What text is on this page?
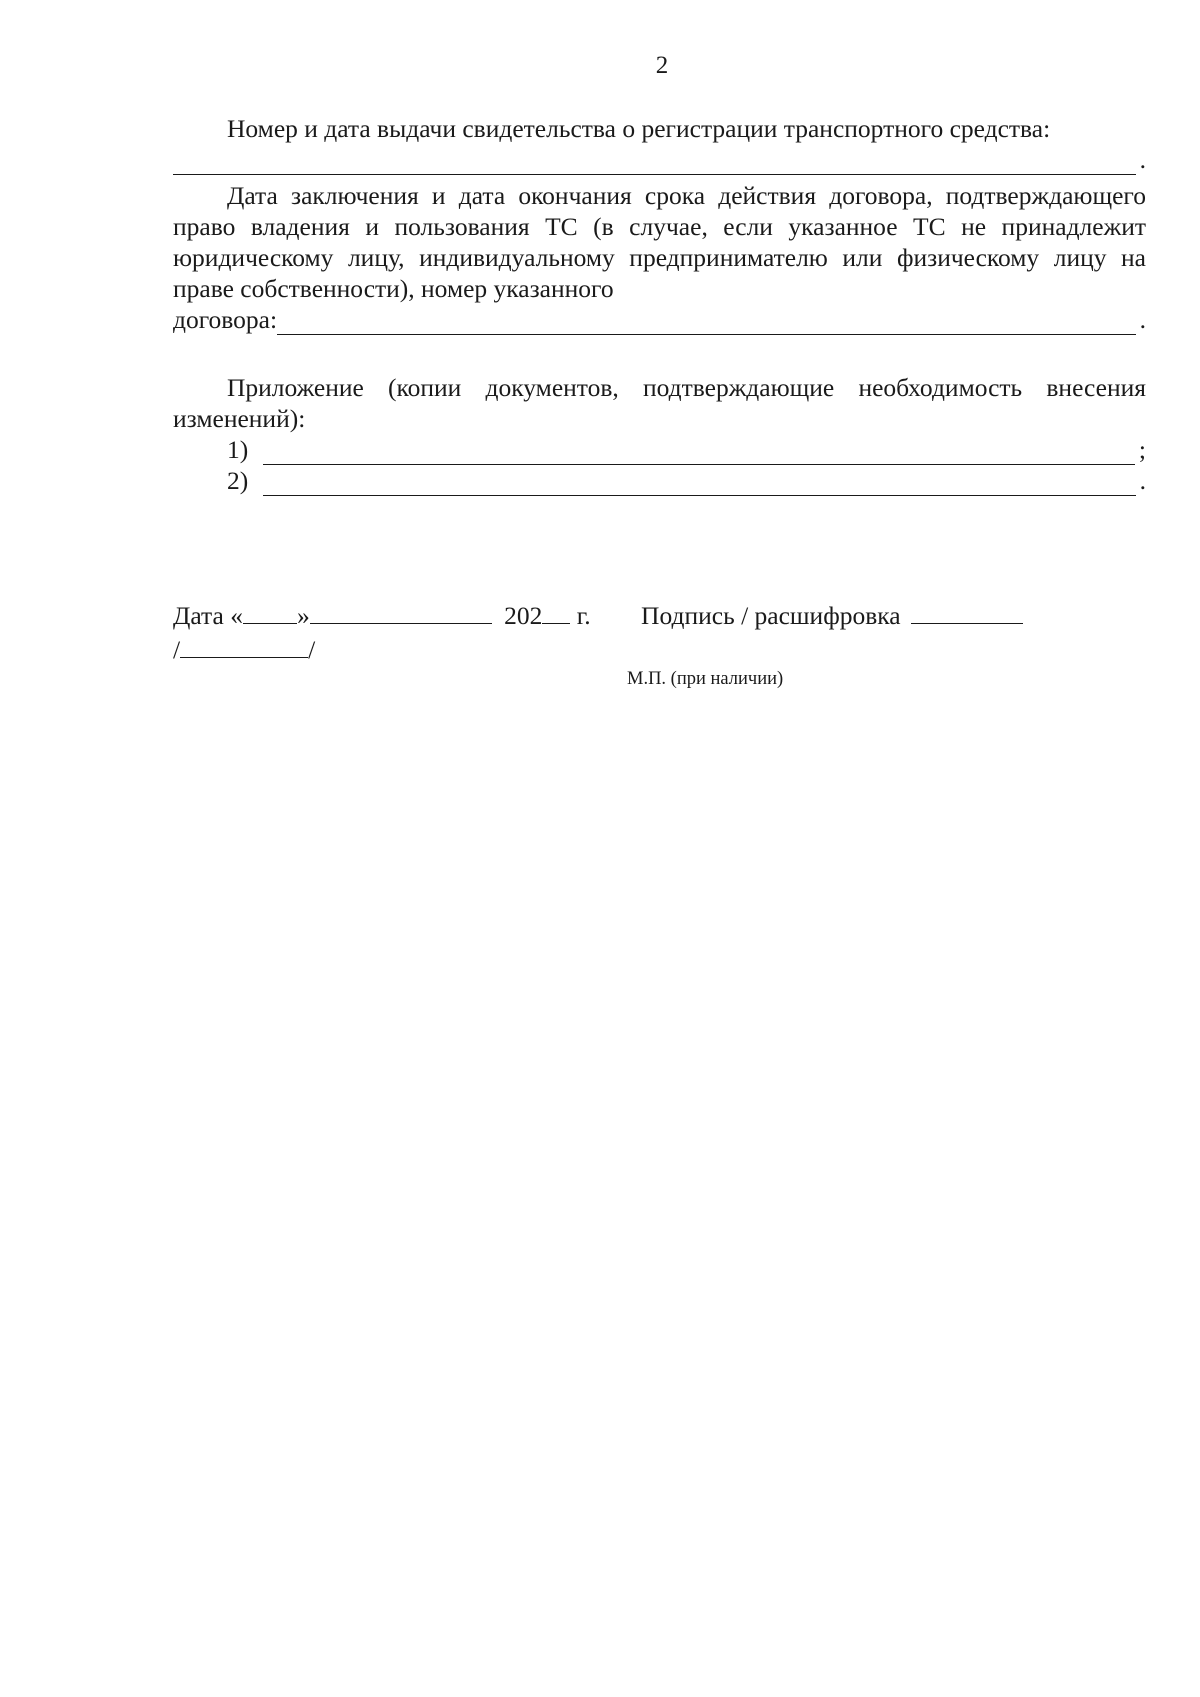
2
Номер и дата выдачи свидетельства о регистрации транспортного средства:
.
Дата заключения и дата окончания срока действия договора, подтверждающего право владения и пользования ТС (в случае, если указанное ТС не принадлежит юридическому лицу, индивидуальному предпринимателю или физическому лицу на праве собственности), номер указанного
договора:	.
Приложение (копии документов, подтверждающие необходимость внесения изменений):
1)	;
2)	.
Дата « »	202 г. Подпись / расшифровка
/	/
М.П. (при наличии)
